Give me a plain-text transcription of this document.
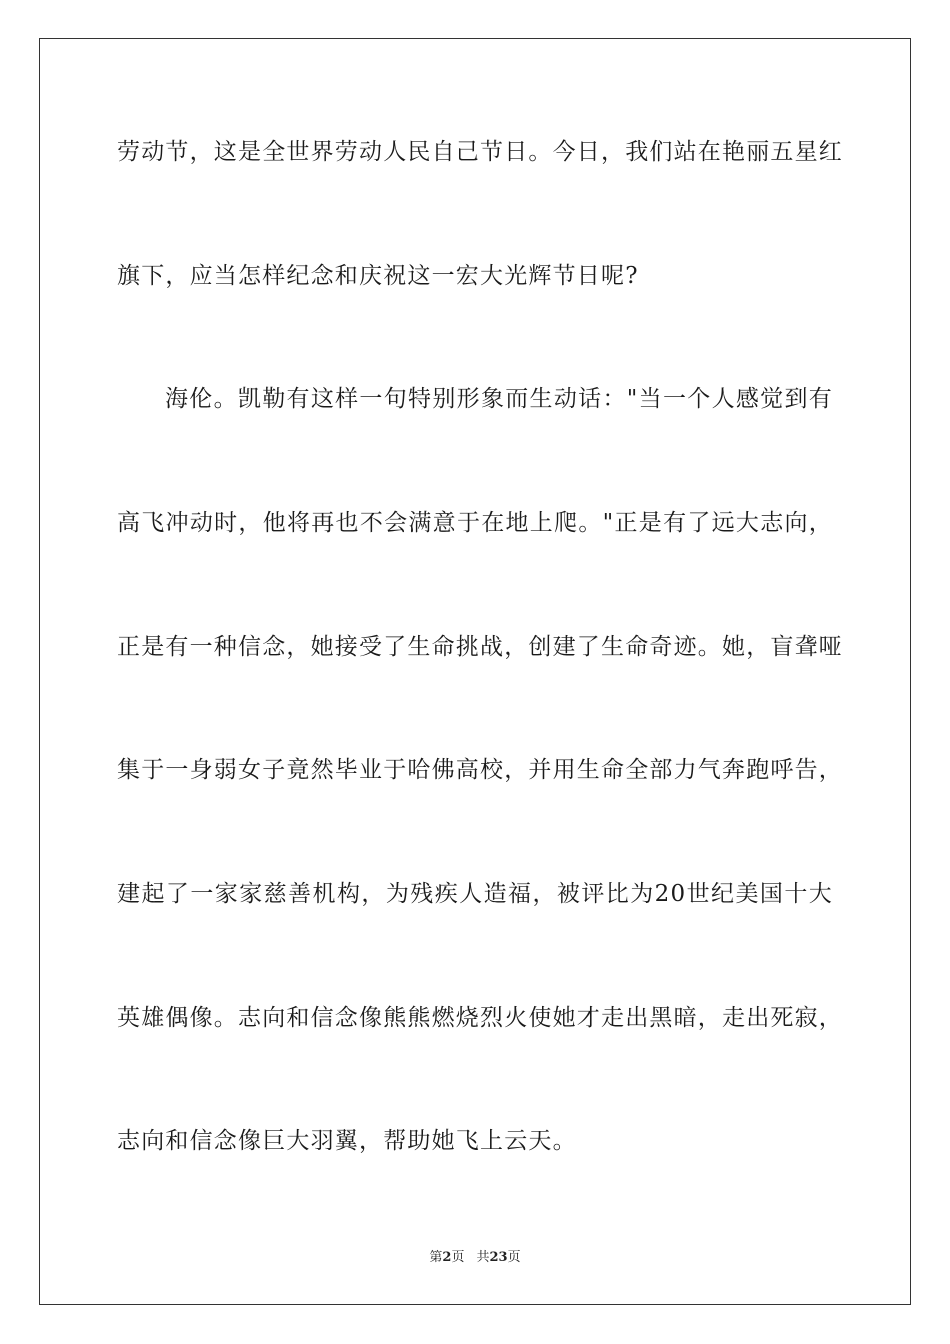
劳动节，这是全世界劳动人民自己节日。今日，我们站在艳丽五星红
旗下，应当怎样纪念和庆祝这一宏大光辉节日呢?
海伦。凯勒有这样一句特别形象而生动话："当一个人感觉到有
高飞冲动时，他将再也不会满意于在地上爬。"正是有了远大志向，
正是有一种信念，她接受了生命挑战，创建了生命奇迹。她，盲聋哑
集于一身弱女子竟然毕业于哈佛高校，并用生命全部力气奔跑呼告，
建起了一家家慈善机构，为残疾人造福，被评比为20世纪美国十大
英雄偶像。志向和信念像熊熊燃烧烈火使她才走出黑暗，走出死寂，
志向和信念像巨大羽翼，帮助她飞上云天。
第2页 共23页
